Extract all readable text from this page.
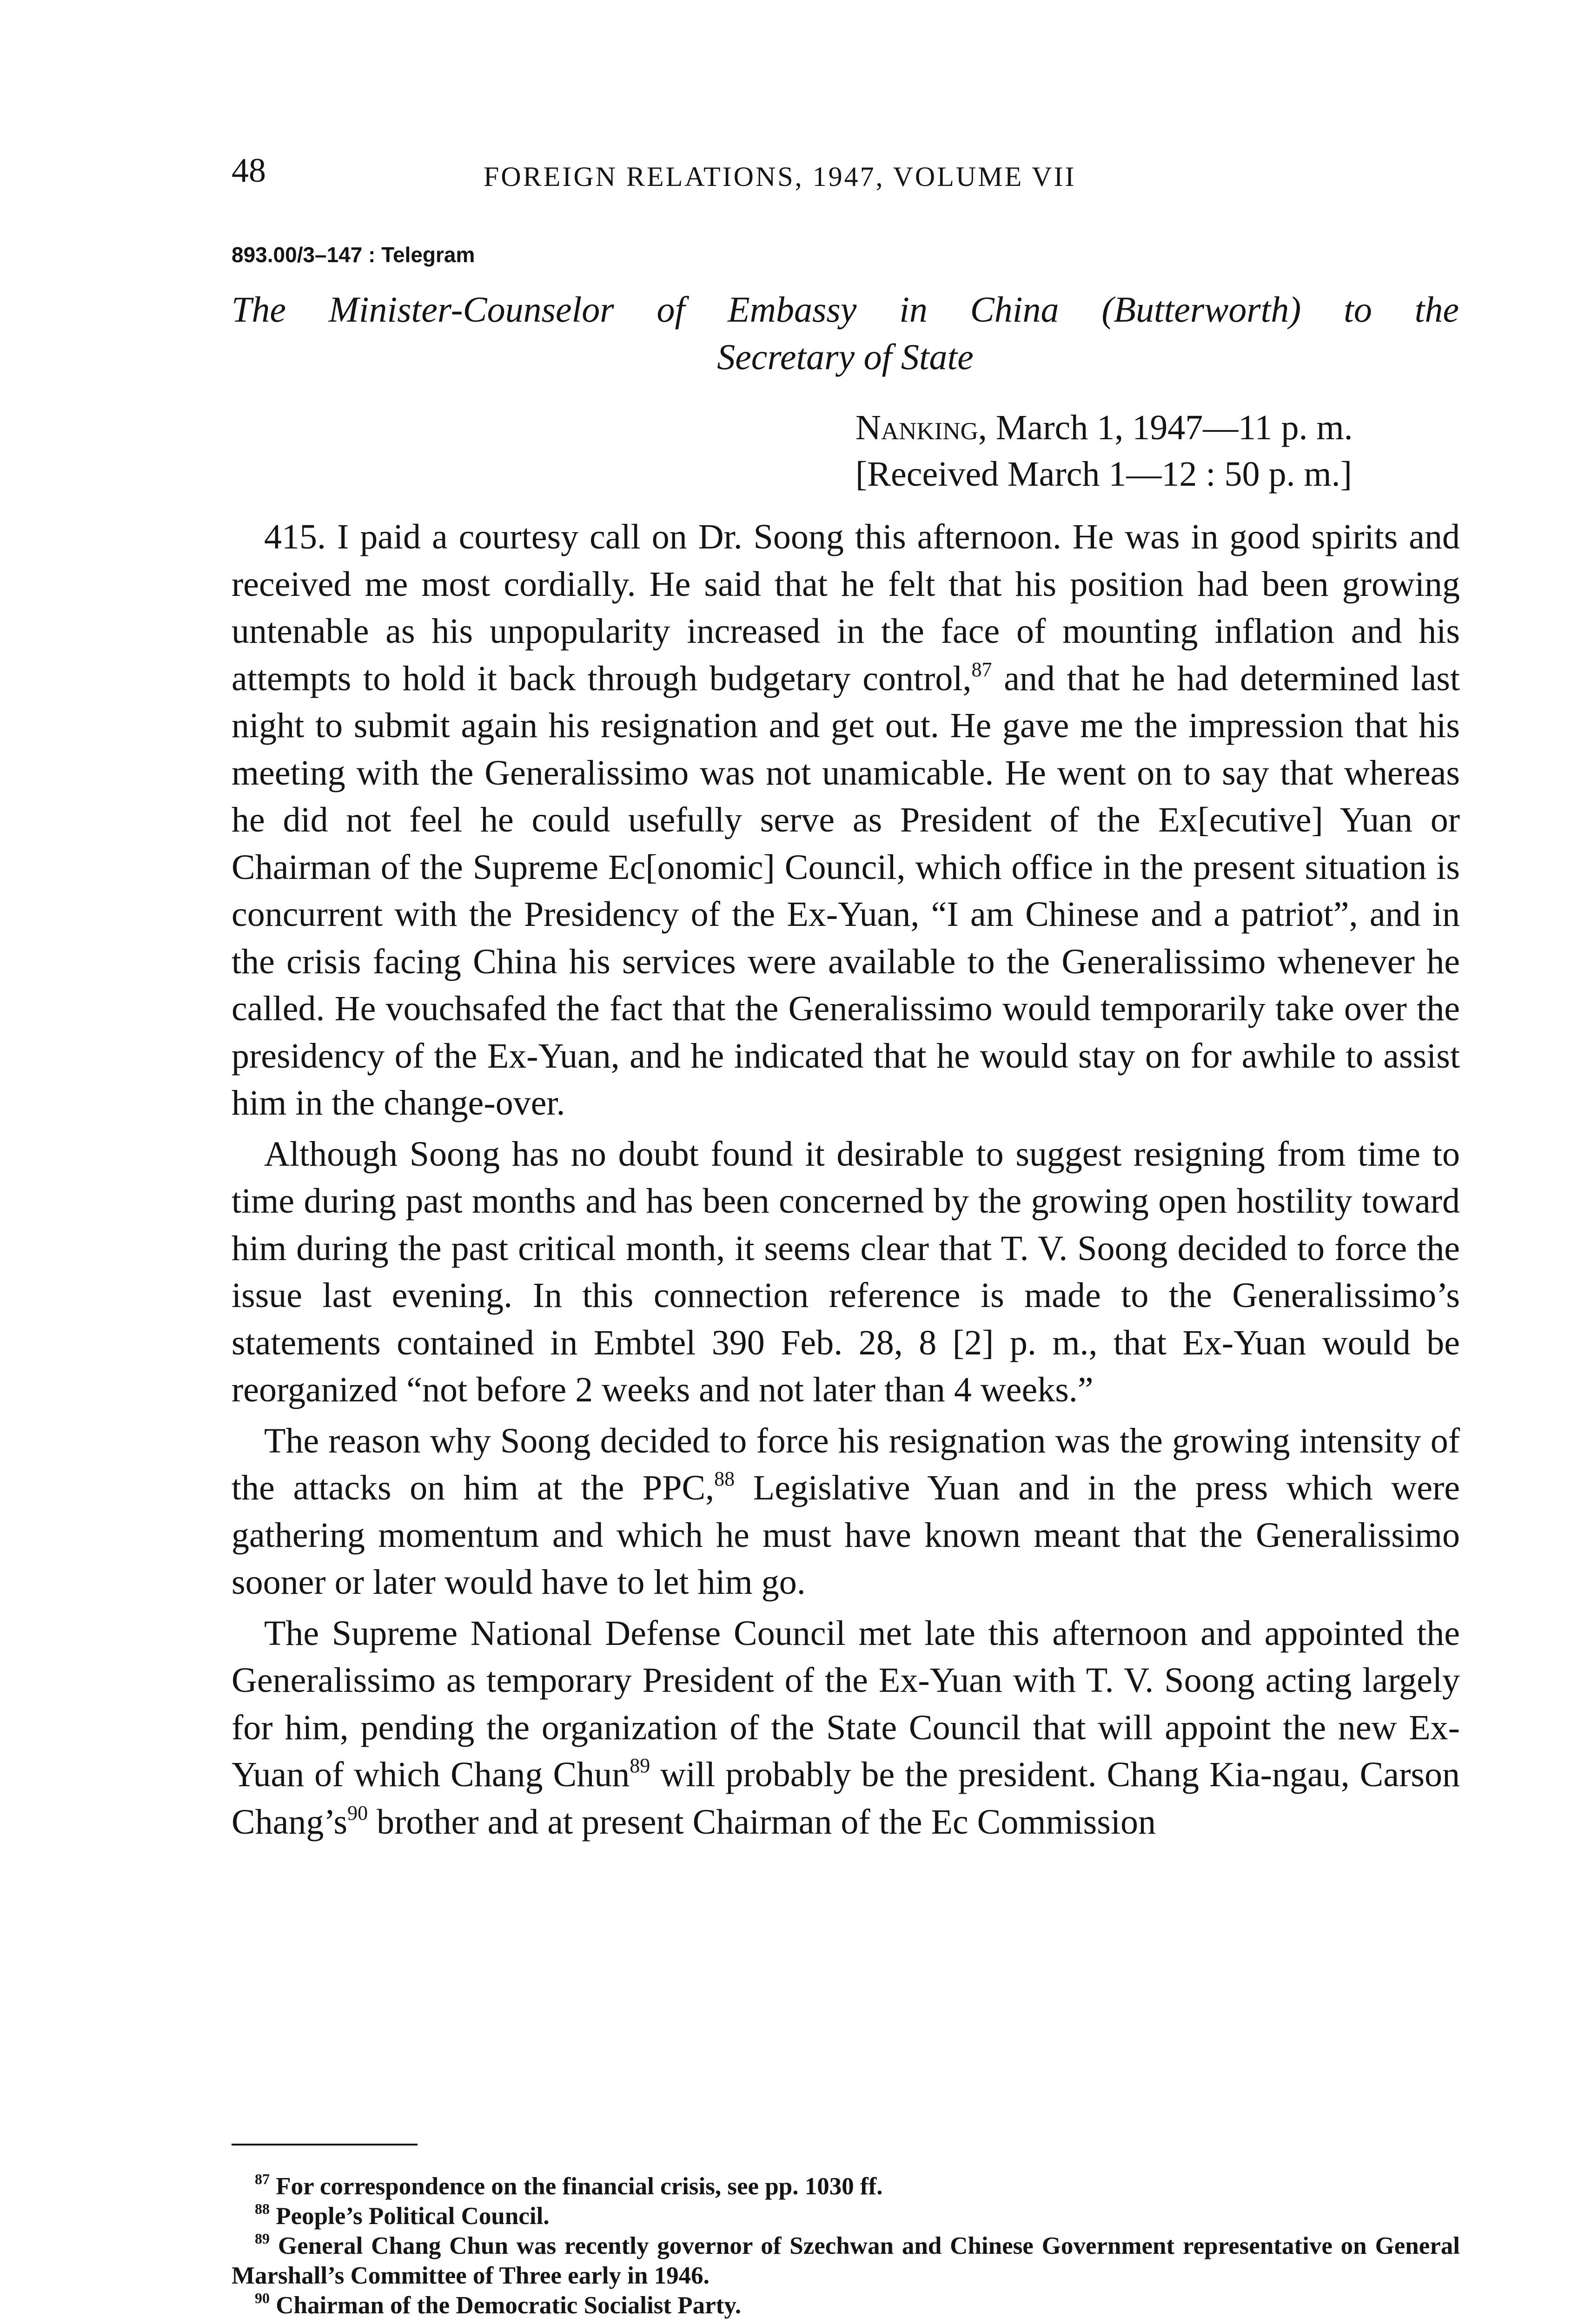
48	FOREIGN RELATIONS, 1947, VOLUME VII
893.00/3–147 : Telegram
The Minister-Counselor of Embassy in China (Butterworth) to the
Secretary of State
Nanking, March 1, 1947—11 p. m.
[Received March 1—12 : 50 p. m.]

415. I paid a courtesy call on Dr. Soong this afternoon. He was in good spirits and received me most cordially. He said that he felt that his position had been growing untenable as his unpopularity increased in the face of mounting inflation and his attempts to hold it back through budgetary control,$^{87}$ and that he had determined last night to submit again his resignation and get out. He gave me the impression that his meeting with the Generalissimo was not unamicable. He went on to say that whereas he did not feel he could usefully serve as President of the Ex[ecutive] Yuan or Chairman of the Supreme Ec[onomic] Council, which office in the present situation is concurrent with the Presidency of the Ex-Yuan, “I am Chinese and a patriot”, and in the crisis facing China his services were available to the Generalissimo whenever he called. He vouchsafed the fact that the Generalissimo would temporarily take over the presidency of the Ex-Yuan, and he indicated that he would stay on for awhile to assist him in the change-over.

Although Soong has no doubt found it desirable to suggest resigning from time to time during past months and has been concerned by the growing open hostility toward him during the past critical month, it seems clear that T. V. Soong decided to force the issue last evening. In this connection reference is made to the Generalissimo’s statements contained in Embtel 390 Feb. 28, 8 [2] p. m., that Ex-Yuan would be reorganized “not before 2 weeks and not later than 4 weeks.”

The reason why Soong decided to force his resignation was the growing intensity of the attacks on him at the PPC,$^{88}$ Legislative Yuan and in the press which were gathering momentum and which he must have known meant that the Generalissimo sooner or later would have to let him go.

The Supreme National Defense Council met late this afternoon and appointed the Generalissimo as temporary President of the Ex-Yuan with T. V. Soong acting largely for him, pending the organization of the State Council that will appoint the new Ex-Yuan of which Chang Chun$^{89}$ will probably be the president. Chang Kia-ngau, Carson Chang’s$^{90}$ brother and at present Chairman of the Ec Commission

$^{87}$ For correspondence on the financial crisis, see pp. 1030 ff.

$^{88}$ People’s Political Council.

$^{89}$ General Chang Chun was recently governor of Szechwan and Chinese Government representative on General Marshall’s Committee of Three early in 1946.

$^{90}$ Chairman of the Democratic Socialist Party.
